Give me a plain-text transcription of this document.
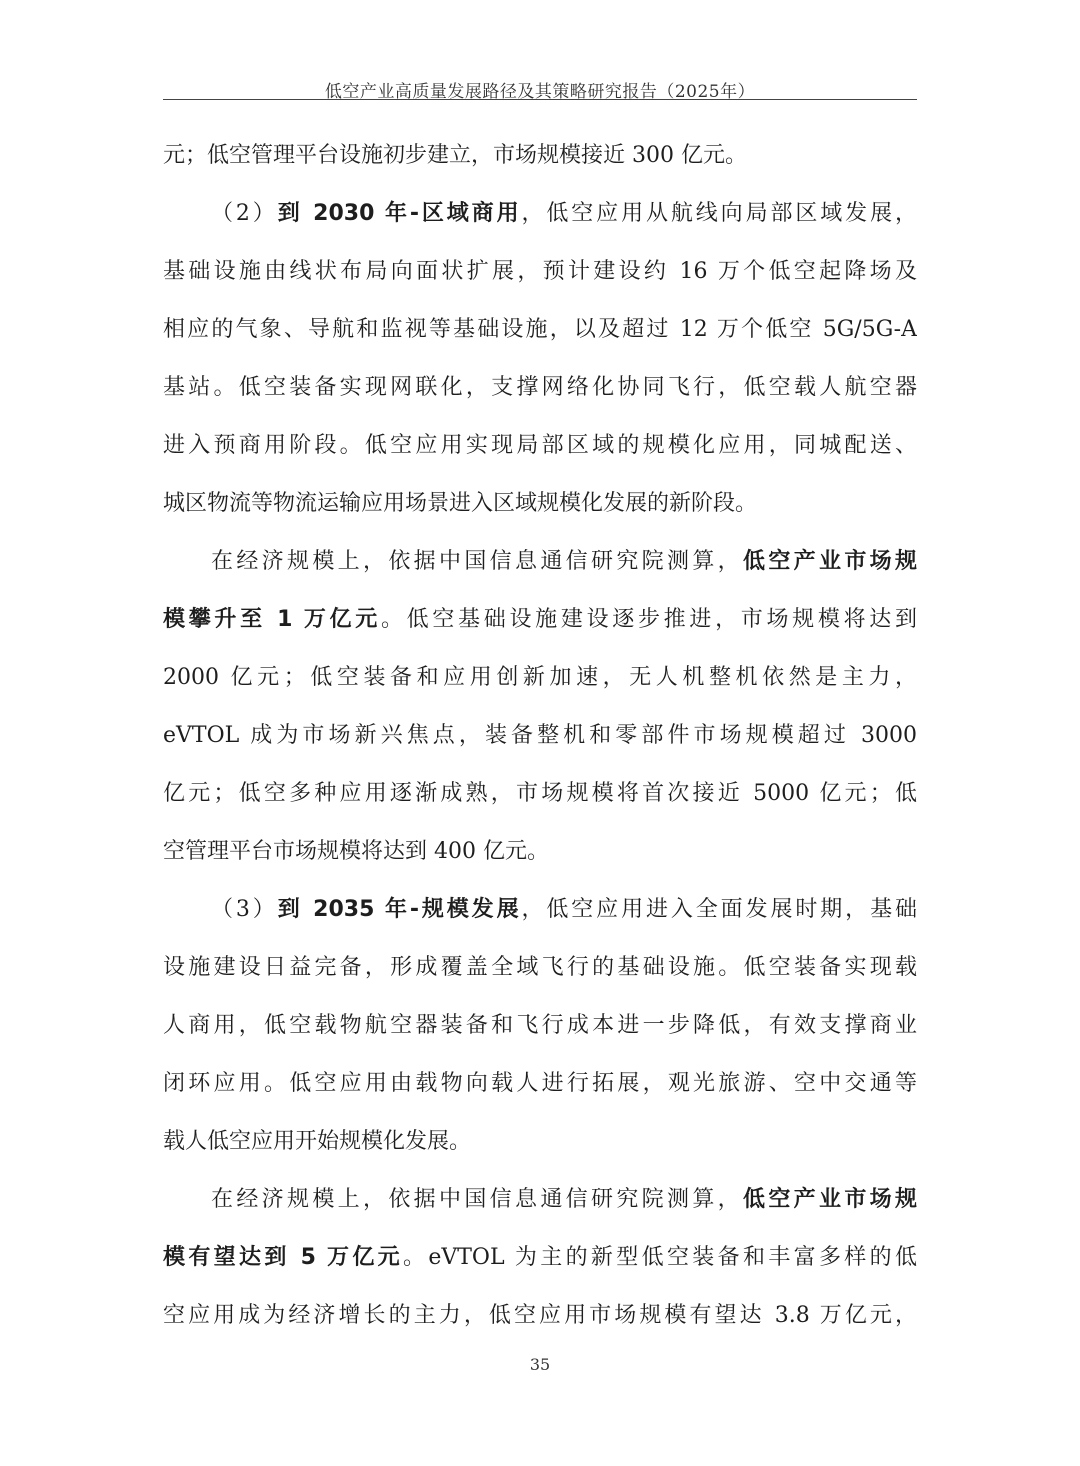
低空产业高质量发展路径及其策略研究报告（2025年）
元；低空管理平台设施初步建立，市场规模接近 300 亿元。
（2）到 2030 年-区域商用，低空应用从航线向局部区域发展，
基础设施由线状布局向面状扩展，预计建设约 16 万个低空起降场及
相应的气象、导航和监视等基础设施，以及超过 12 万个低空 5G/5G-A
基站。低空装备实现网联化，支撑网络化协同飞行，低空载人航空器
进入预商用阶段。低空应用实现局部区域的规模化应用，同城配送、
城区物流等物流运输应用场景进入区域规模化发展的新阶段。
在经济规模上，依据中国信息通信研究院测算，低空产业市场规
模攀升至 1 万亿元。低空基础设施建设逐步推进，市场规模将达到
2000 亿元；低空装备和应用创新加速，无人机整机依然是主力，
eVTOL 成为市场新兴焦点，装备整机和零部件市场规模超过 3000
亿元；低空多种应用逐渐成熟，市场规模将首次接近 5000 亿元；低
空管理平台市场规模将达到 400 亿元。
（3）到 2035 年-规模发展，低空应用进入全面发展时期，基础
设施建设日益完备，形成覆盖全域飞行的基础设施。低空装备实现载
人商用，低空载物航空器装备和飞行成本进一步降低，有效支撑商业
闭环应用。低空应用由载物向载人进行拓展，观光旅游、空中交通等
载人低空应用开始规模化发展。
在经济规模上，依据中国信息通信研究院测算，低空产业市场规
模有望达到 5 万亿元。eVTOL 为主的新型低空装备和丰富多样的低
空应用成为经济增长的主力，低空应用市场规模有望达 3.8 万亿元，
35
